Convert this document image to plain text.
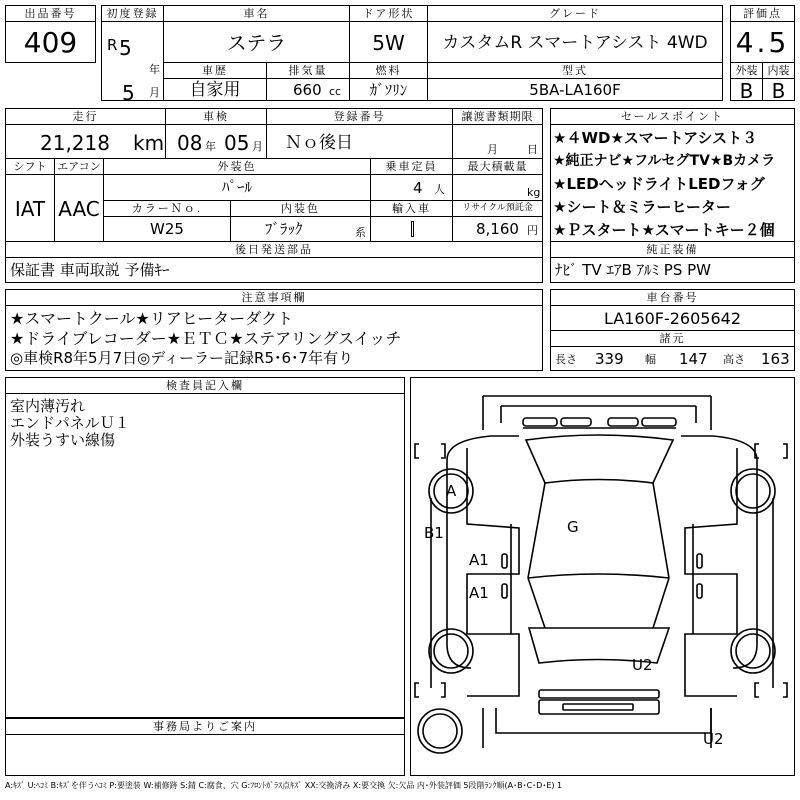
出品番号
409
初度登録
R 5
年
5 月
車名
ステラ
ドア形状
5W
グレード
カスタムR スマートアシスト 4WD
評価点
4.5
車歴
自家用
排気量
660 cc
燃料
ｶﾞｿﾘﾝ
型式
5BA-LA160F
外装
B
内装
B
走行
21,218 km
車検
08 年 05 月
登録番号
Ｎｏ後日
譲渡書類期限
月	日
セールスポイント
★４WD★スマートアシスト３
★純正ナビ★フルセグTV★Bカメラ
★LEDヘッドライトLEDフォグ
★シート＆ミラーヒーター
★Ｐスタート★スマートキー２個
シフト
IAT
エアコン
AAC
外装色
ﾊﾟｰﾙ
乗車定員
4 人
最大積載量
kg
カラーＮｏ.
W25
内装色
ﾌﾞﾗｯｸ	系
輸入車	リサイクル預託金
8,160 円
後日発送部品
保証書 車両取説 予備ｷｰ
純正装備
ﾅﾋﾞ TV ｴｱB ｱﾙﾐ PS PW
注意事項欄
★スマートクール★リアヒーターダクト
★ドライブレコーダー★ＥＴＣ★ステアリングスイッチ
◎車検R8年5月7日◎ディーラー記録R5･6･7年有り
車台番号
LA160F-2605642
諸元
長さ 339 幅 147 高さ 163
検査員記入欄
室内薄汚れ
エンドパネルＵ１
外装うすい線傷
事務局よりご案内
A
B1
A1
A1
G
U2
U2
A:ｷｽﾞ U:ﾍｺﾐ B:ｷｽﾞを伴うﾍｺﾐ P:要塗装 W:補修跡 S:錆 C:腐食、穴 G:ﾌﾛﾝﾄｶﾞﾗｽ点ｷｽﾞ XX:交換済み X:要交換 欠:欠品 内･外装評価 5段階ﾗﾝｸ順(A･B･C･D･E) 1
